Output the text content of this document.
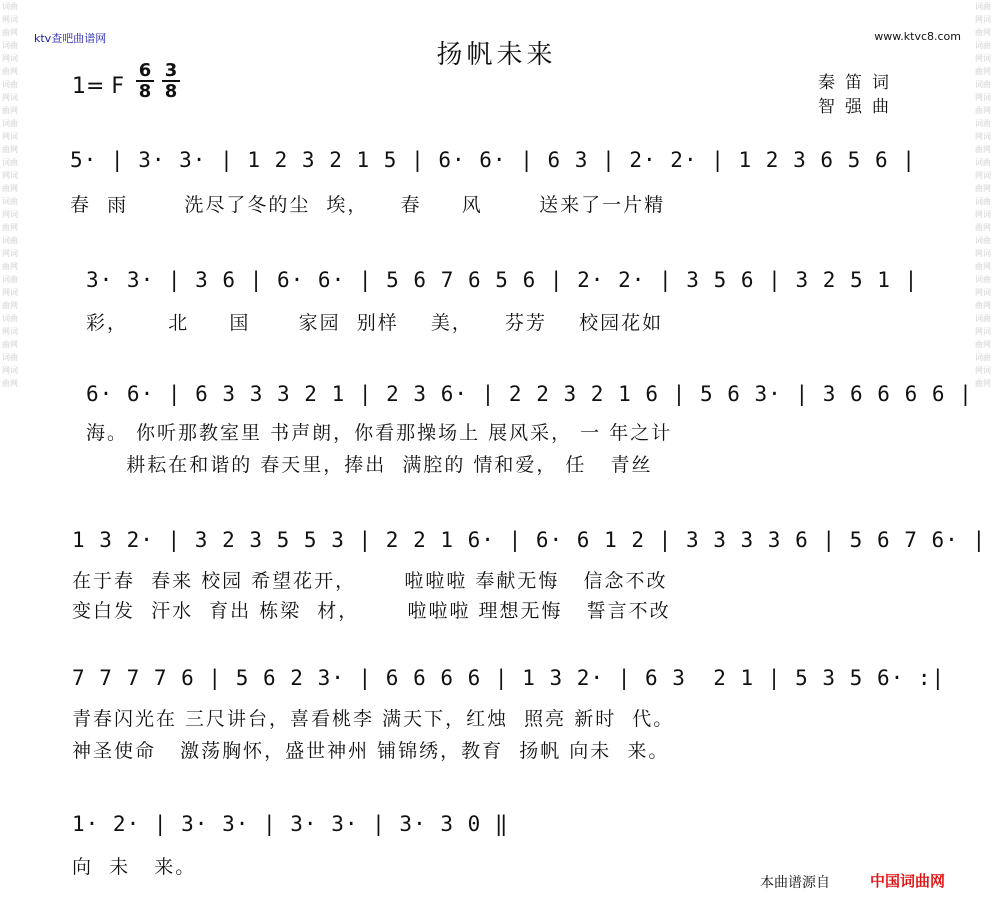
词曲网词曲网词曲网词曲网词曲网词曲网词曲网词曲网词曲网词曲网词曲网词曲网词曲网词曲网词曲网词曲网词曲网词曲网词曲网词曲网
词曲网词曲网词曲网词曲网词曲网词曲网词曲网词曲网词曲网词曲网词曲网词曲网词曲网词曲网词曲网词曲网词曲网词曲网词曲网词曲网
ktv查吧曲谱网	www.ktvc8.com
扬帆未来
1= F
6
8
3
8	秦笛词
智强曲
5· | 3· 3· | 1 2 3 2 1 5 | 6· 6· | 6 3 | 2· 2· | 1 2 3 6 5 6 |
春  雨       洗尽了冬的尘  埃，    春     风       送来了一片精
3· 3· | 3 6 | 6· 6· | 5 6 7 6 5 6 | 2· 2· | 3 5 6 | 3 2 5 1 |
彩，     北     国      家园  别样    美，    芬芳    校园花如
6· 6· | 6 3 3 3 2 1 | 2 3 6· | 2 2 3 2 1 6 | 5 6 3· | 3 6 6 6 6 |
海。 你听那教室里 书声朗，你看那操场上 展风采， 一 年之计
耕耘在和谐的 春天里，捧出  满腔的 情和爱， 任   青丝
1 3 2· | 3 2 3 5 5 3 | 2 2 1 6· | 6· 6 1 2 | 3 3 3 3 6 | 5 6 7 6· |
在于春  春来 校园 希望花开，      啦啦啦 奉献无悔   信念不改
变白发  汗水  育出 栋梁  材，      啦啦啦 理想无悔   誓言不改
7 7 7 7 6 | 5 6 2 3· | 6 6 6 6 | 1 3 2· | 6 3  2 1 | 5 3 5 6· :|
青春闪光在 三尺讲台，喜看桃李 满天下，红烛  照亮 新时  代。
神圣使命   激荡胸怀，盛世神州 铺锦绣，教育  扬帆 向未  来。
1· 2· | 3· 3· | 3· 3· | 3· 3 0 ‖
向  未   来。
本曲谱源自	中国词曲网
